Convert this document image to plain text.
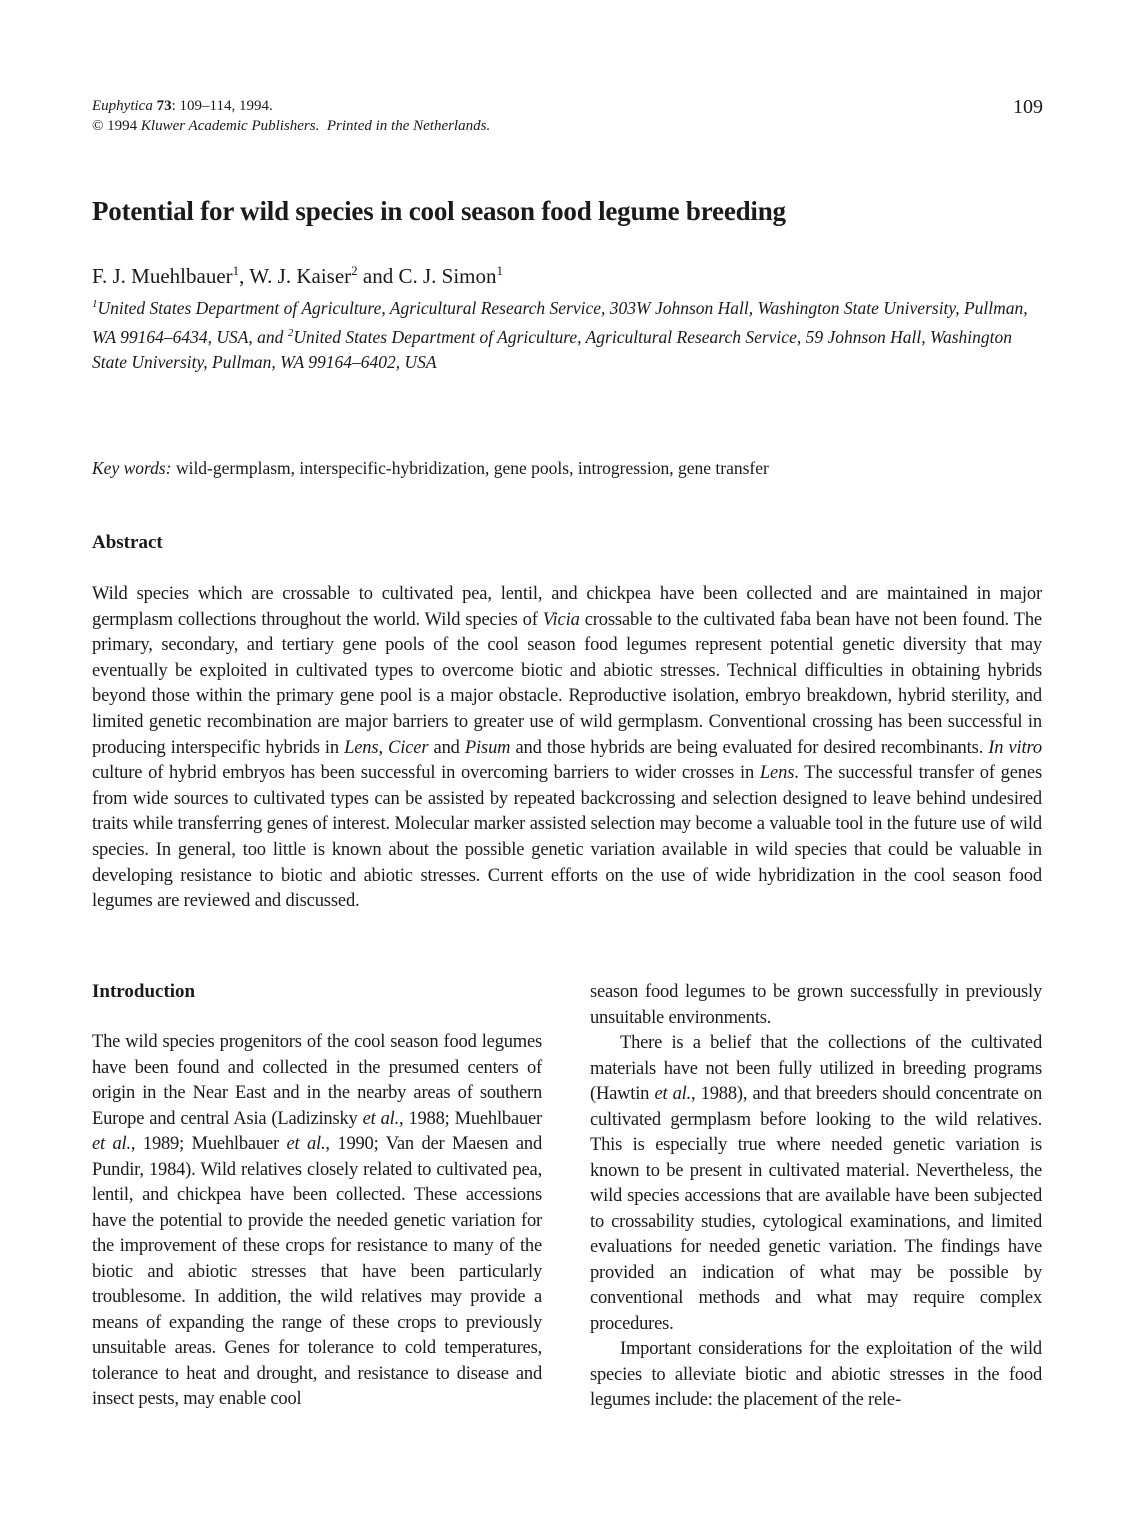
Euphytica 73: 109–114, 1994.
© 1994 Kluwer Academic Publishers. Printed in the Netherlands.
109
Potential for wild species in cool season food legume breeding
F. J. Muehlbauer$^1$, W. J. Kaiser$^2$ and C. J. Simon$^1$
$^1$United States Department of Agriculture, Agricultural Research Service, 303W Johnson Hall, Washington State University, Pullman, WA 99164–6434, USA, and $^2$United States Department of Agriculture, Agricultural Research Service, 59 Johnson Hall, Washington State University, Pullman, WA 99164–6402, USA
Key words: wild-germplasm, interspecific-hybridization, gene pools, introgression, gene transfer
Abstract

Wild species which are crossable to cultivated pea, lentil, and chickpea have been collected and are maintained in major germplasm collections throughout the world. Wild species of Vicia crossable to the cultivated faba bean have not been found. The primary, secondary, and tertiary gene pools of the cool season food legumes represent potential genetic diversity that may eventually be exploited in cultivated types to overcome biotic and abiotic stresses. Technical difficulties in obtaining hybrids beyond those within the primary gene pool is a major obstacle. Reproductive isolation, embryo breakdown, hybrid sterility, and limited genetic recombination are major barriers to greater use of wild germplasm. Conventional crossing has been successful in producing interspecific hybrids in Lens, Cicer and Pisum and those hybrids are being evaluated for desired recombinants. In vitro culture of hybrid embryos has been successful in overcoming barriers to wider crosses in Lens. The successful transfer of genes from wide sources to cultivated types can be assisted by repeated backcrossing and selection designed to leave behind undesired traits while transferring genes of interest. Molecular marker assisted selection may become a valuable tool in the future use of wild species. In general, too little is known about the possible genetic variation available in wild species that could be valuable in developing resistance to biotic and abiotic stresses. Current efforts on the use of wide hybridization in the cool season food legumes are reviewed and discussed.

Introduction

The wild species progenitors of the cool season food legumes have been found and collected in the presumed centers of origin in the Near East and in the nearby areas of southern Europe and central Asia (Ladizinsky et al., 1988; Muehlbauer et al., 1989; Muehlbauer et al., 1990; Van der Maesen and Pundir, 1984). Wild relatives closely related to cultivated pea, lentil, and chickpea have been collected. These accessions have the potential to provide the needed genetic variation for the improvement of these crops for resistance to many of the biotic and abiotic stresses that have been particularly troublesome. In addition, the wild relatives may provide a means of expanding the range of these crops to previously unsuitable areas. Genes for tolerance to cold temperatures, tolerance to heat and drought, and resistance to disease and insect pests, may enable cool

season food legumes to be grown successfully in previously unsuitable environments.

There is a belief that the collections of the cultivated materials have not been fully utilized in breeding programs (Hawtin et al., 1988), and that breeders should concentrate on cultivated germplasm before looking to the wild relatives. This is especially true where needed genetic variation is known to be present in cultivated material. Nevertheless, the wild species accessions that are available have been subjected to crossability studies, cytological examinations, and limited evaluations for needed genetic variation. The findings have provided an indication of what may be possible by conventional methods and what may require complex procedures.

Important considerations for the exploitation of the wild species to alleviate biotic and abiotic stresses in the food legumes include: the placement of the rele-
